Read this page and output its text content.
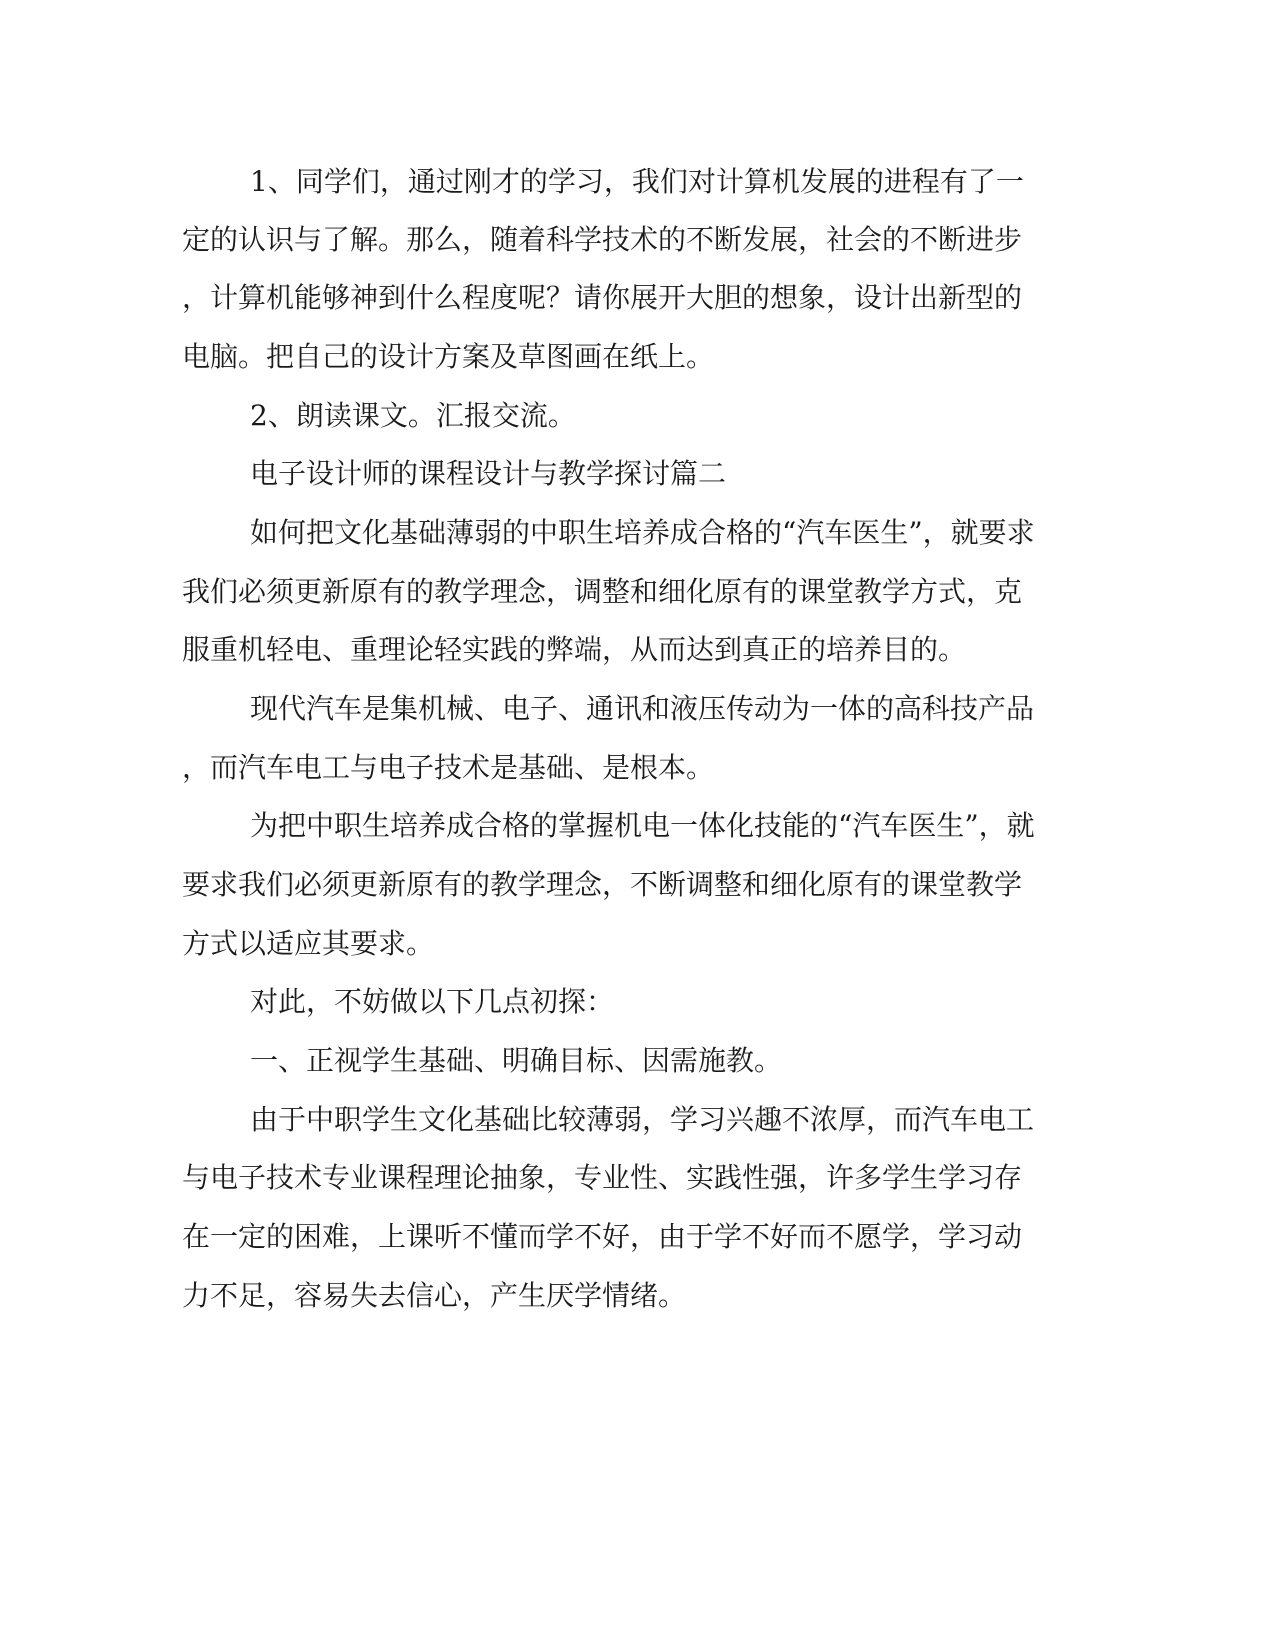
1、同学们，通过刚才的学习，我们对计算机发展的进程有了一
定的认识与了解。那么，随着科学技术的不断发展，社会的不断进步
，计算机能够神到什么程度呢？请你展开大胆的想象，设计出新型的
电脑。把自己的设计方案及草图画在纸上。
2、朗读课文。汇报交流。
电子设计师的课程设计与教学探讨篇二
如何把文化基础薄弱的中职生培养成合格的“汽车医生”，就要求
我们必须更新原有的教学理念，调整和细化原有的课堂教学方式，克
服重机轻电、重理论轻实践的弊端，从而达到真正的培养目的。
现代汽车是集机械、电子、通讯和液压传动为一体的高科技产品
，而汽车电工与电子技术是基础、是根本。
为把中职生培养成合格的掌握机电一体化技能的“汽车医生”，就
要求我们必须更新原有的教学理念，不断调整和细化原有的课堂教学
方式以适应其要求。
对此，不妨做以下几点初探：
一、正视学生基础、明确目标、因需施教。
由于中职学生文化基础比较薄弱，学习兴趣不浓厚，而汽车电工
与电子技术专业课程理论抽象，专业性、实践性强，许多学生学习存
在一定的困难，上课听不懂而学不好，由于学不好而不愿学，学习动
力不足，容易失去信心，产生厌学情绪。
